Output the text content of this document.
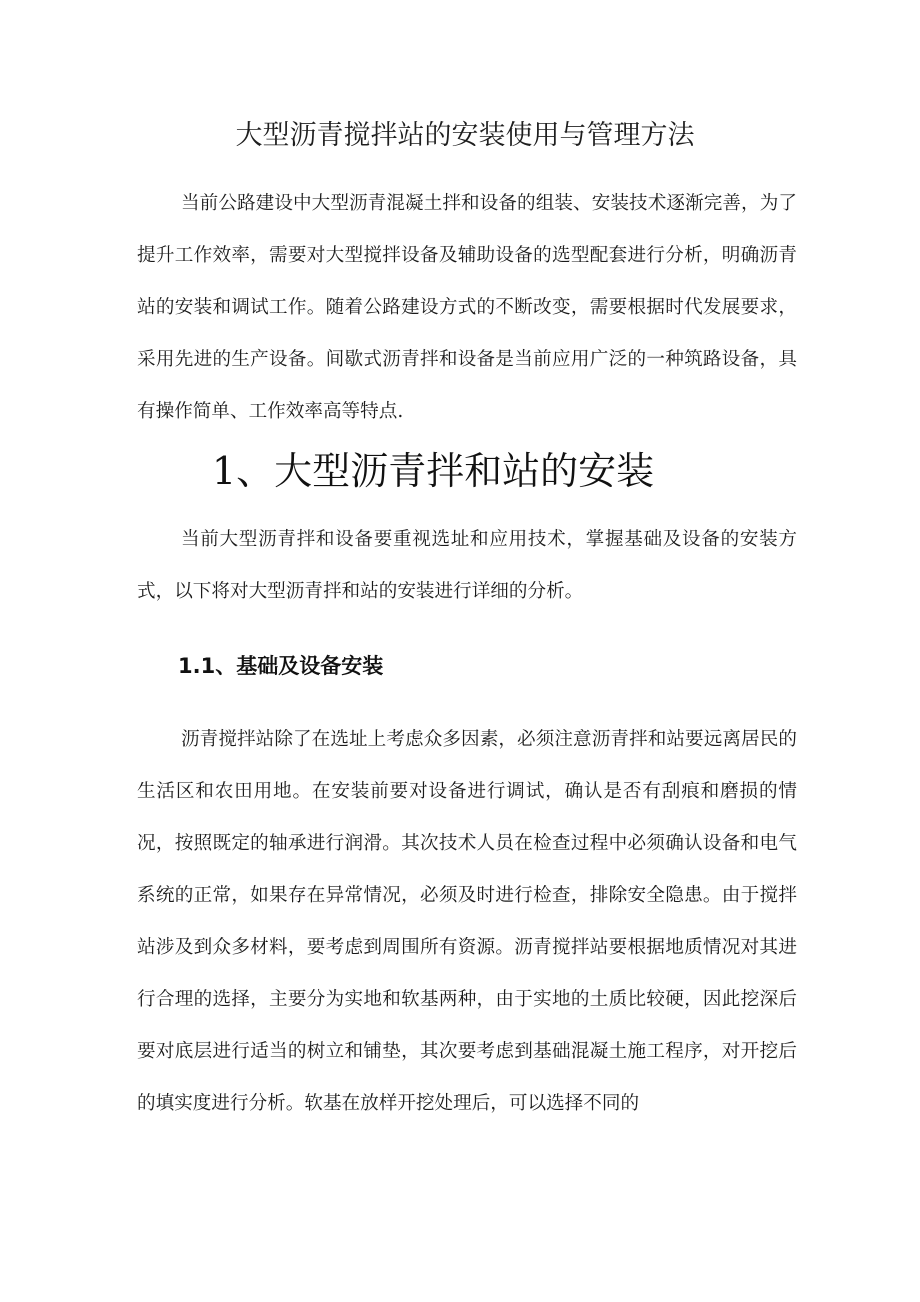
大型沥青搅拌站的安装使用与管理方法

当前公路建设中大型沥青混凝土拌和设备的组装、安装技术逐渐完善，为了提升工作效率，需要对大型搅拌设备及辅助设备的选型配套进行分析，明确沥青站的安装和调试工作。随着公路建设方式的不断改变，需要根据时代发展要求，采用先进的生产设备。间歇式沥青拌和设备是当前应用广泛的一种筑路设备，具有操作简单、工作效率高等特点.

1、大型沥青拌和站的安装

当前大型沥青拌和设备要重视选址和应用技术，掌握基础及设备的安装方式，以下将对大型沥青拌和站的安装进行详细的分析。

1.1、基础及设备安装

沥青搅拌站除了在选址上考虑众多因素，必须注意沥青拌和站要远离居民的生活区和农田用地。在安装前要对设备进行调试，确认是否有刮痕和磨损的情况，按照既定的轴承进行润滑。其次技术人员在检查过程中必须确认设备和电气系统的正常，如果存在异常情况，必须及时进行检查，排除安全隐患。由于搅拌站涉及到众多材料，要考虑到周围所有资源。沥青搅拌站要根据地质情况对其进行合理的选择，主要分为实地和软基两种，由于实地的土质比较硬，因此挖深后要对底层进行适当的树立和铺垫，其次要考虑到基础混凝土施工程序，对开挖后的填实度进行分析。软基在放样开挖处理后，可以选择不同的
